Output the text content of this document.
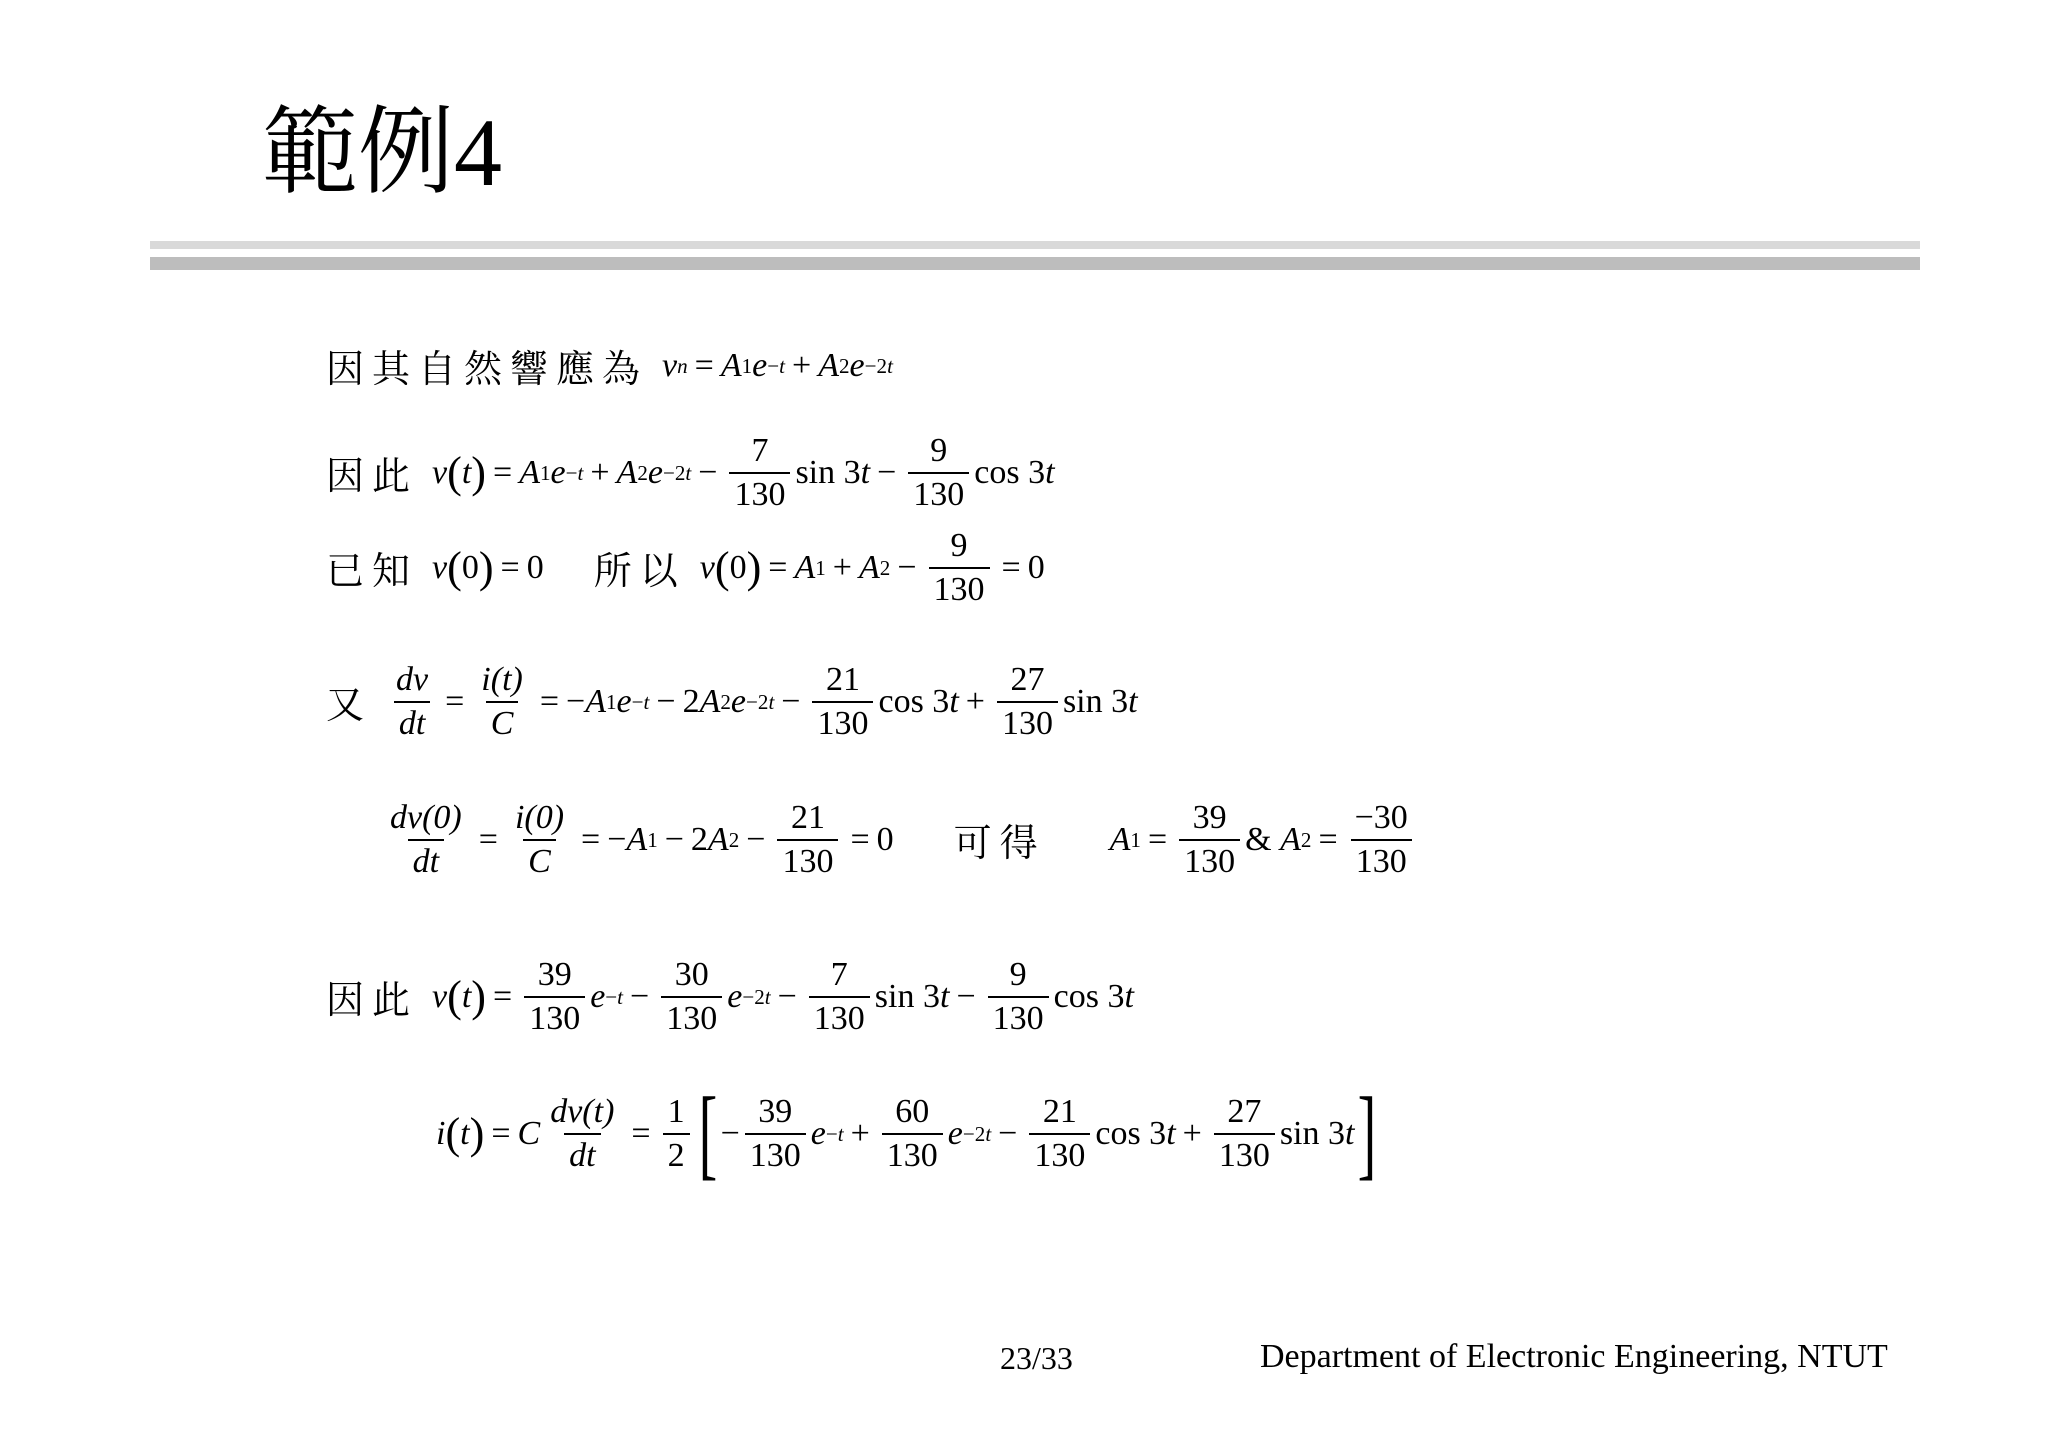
範例4
因其自然響應為 v n = A 1 e −t + A 2 e −2t
因此 v ( t ) = A 1 e −t + A 2 $e -2t - \frac{7}{130}$ sin 3 $t - \frac{9}{130}$ cos 3 t
已知 v ( 0 ) = 0 所以 v ( 0 ) = A 1 + A $2 - \frac{9}{130} = 0$
又 $\frac{dv}{dt} = \frac{i(t)}{C}$ = − A 1 e −t − 2 A 2 $e -2t - \frac{21}{130}$ cos 3 $t + \frac{27}{130}$ sin 3 t
$\frac{dv(0)}{dt} = \frac{i(0)}{C}$ = − A 1 − 2 A $2 - \frac{21}{130} = 0$ 可得 A $1 = \frac{39}{130}$ & A $2 = \frac{-30}{130}$
因此 v ( t ) = $\frac{39}{130}$ $e -t - \frac{30}{130}$ $e -2t - \frac{7}{130}$ sin 3 $t - \frac{9}{130}$ cos 3 t
i ( t ) = C $\frac{dv(t)}{dt} = \frac{1}{2}$ [ − $\frac{39}{130}$ $e -t + \frac{60}{130}$ $e -2t - \frac{21}{130}$ cos 3 $t + \frac{27}{130}$ sin 3 t ]
23/33	Department of Electronic Engineering, NTUT
